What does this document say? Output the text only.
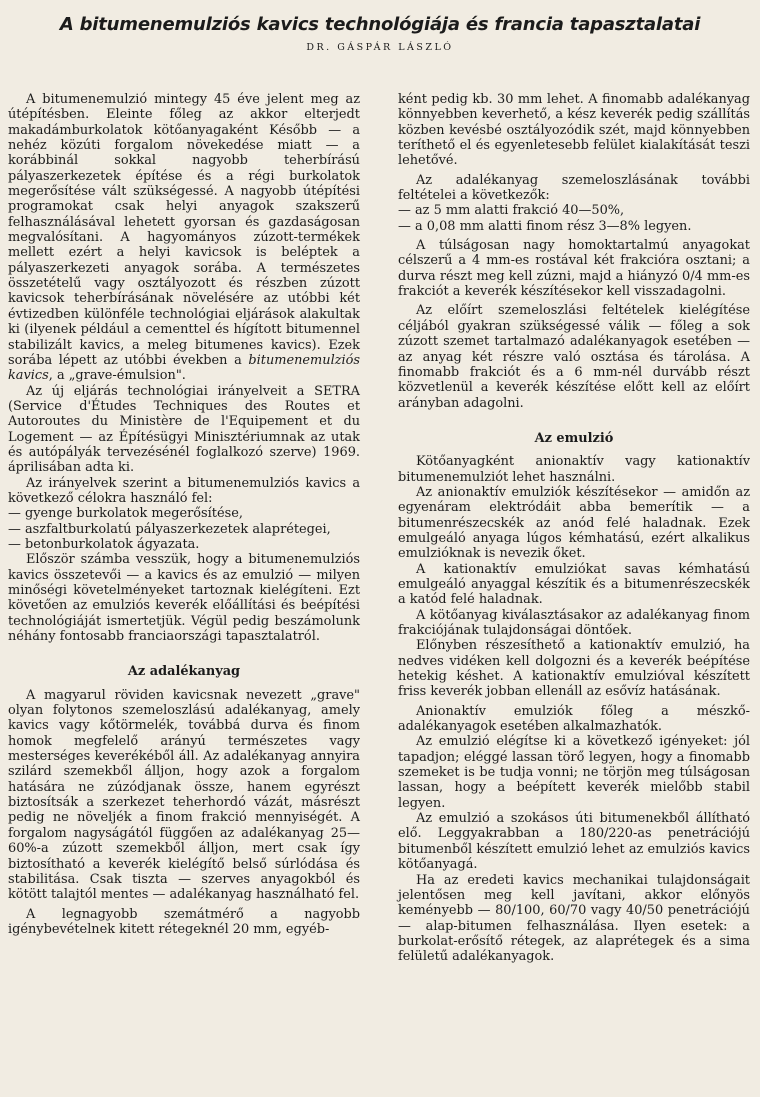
A bitumenemulziós kavics technológiája és francia tapasztalatai
DR. GÁSPÁR LÁSZLÓ

A bitumenemulzió mintegy 45 éve jelent meg az útépítésben. Eleinte főleg az akkor elterjedt makadámburkolatok kötőanyagaként Később — a nehéz közúti forgalom növekedése miatt — a korábbinál sokkal nagyobb teherbírású pályaszerkezetek építése és a régi burkolatok megerősítése vált szükségessé. A nagyobb útépítési programokat csak helyi anyagok szakszerű felhasználásával lehetett gyorsan és gazdaságosan megvalósítani. A hagyományos zúzott-termékek mellett ezért a helyi kavicsok is beléptek a pályaszerkezeti anyagok sorába. A természetes összetételű vagy osztályozott és részben zúzott kavicsok teherbírásának növelésére az utóbbi két évtizedben különféle technológiai eljárások alakultak ki (ilyenek például a cementtel és hígított bitumennel stabilizált kavics, a meleg bitumenes kavics). Ezek sorába lépett az utóbbi években a bitumenemulziós kavics, a „grave-émulsion".

Az új eljárás technológiai irányelveit a SETRA (Service d'Études Techniques des Routes et Autoroutes du Ministère de l'Equipement et du Logement — az Építésügyi Minisztériumnak az utak és autópályák tervezésénél foglalkozó szerve) 1969. áprilisában adta ki.

Az irányelvek szerint a bitumenemulziós kavics a következő célokra használó fel:

— gyenge burkolatok megerősítése,

— aszfaltburkolatú pályaszerkezetek alaprétegei,

— betonburkolatok ágyazata.

Először számba vesszük, hogy a bitumenemulziós kavics összetevői — a kavics és az emulzió — milyen minőségi követelményeket tartoznak kielégíteni. Ezt követően az emulziós keverék előállítási és beépítési technológiáját ismertetjük. Végül pedig beszámolunk néhány fontosabb franciaországi tapasztalatról.

Az adalékanyag

A magyarul röviden kavicsnak nevezett „grave" olyan folytonos szemeloszlású adalékanyag, amely kavics vagy kőtörmelék, továbbá durva és finom homok megfelelő arányú természetes vagy mesterséges keverékéből áll. Az adalékanyag annyira szilárd szemekből álljon, hogy azok a forgalom hatására ne zúzódjanak össze, hanem egyrészt biztosítsák a szerkezet teherhordó vázát, másrészt pedig ne növeljék a finom frakció mennyiségét. A forgalom nagyságától függően az adalékanyag 25—60%-a zúzott szemekből álljon, mert csak így biztosítható a keverék kielégítő belső súrlódása és stabilitása. Csak tiszta — szerves anyagokból és kötött talajtól mentes — adalékanyag használható fel.

A legnagyobb szemátmérő a nagyobb igénybevételnek kitett rétegeknél 20 mm, egyéb-

ként pedig kb. 30 mm lehet. A finomabb adalékanyag könnyebben keverhető, a kész keverék pedig szállítás közben kevésbé osztályozódik szét, majd könnyebben teríthető el és egyenletesebb felület kialakítását teszi lehetővé.

Az adalékanyag szemeloszlásának további feltételei a következők:

— az 5 mm alatti frakció 40—50%,

— a 0,08 mm alatti finom rész 3—8% legyen.

A túlságosan nagy homoktartalmú anyagokat célszerű a 4 mm-es rostával két frakcióra osztani; a durva részt meg kell zúzni, majd a hiányzó 0/4 mm-es frakciót a keverék készítésekor kell visszadagolni.

Az előírt szemeloszlási feltételek kielégítése céljából gyakran szükségessé válik — főleg a sok zúzott szemet tartalmazó adalékanyagok esetében — az anyag két részre való osztása és tárolása. A finomabb frakciót és a 6 mm-nél durvább részt közvetlenül a keverék készítése előtt kell az előírt arányban adagolni.

Az emulzió

Kötőanyagként anionaktív vagy kationaktív bitumenemulziót lehet használni.

Az anionaktív emulziók készítésekor — amidőn az egyenáram elektródáit abba bemerítik — a bitumenrészecskék az anód felé haladnak. Ezek emulgeáló anyaga lúgos kémhatású, ezért alkalikus emulzióknak is nevezik őket.

A kationaktív emulziókat savas kémhatású emulgeáló anyaggal készítik és a bitumenrészecskék a katód felé haladnak.

A kötőanyag kiválasztásakor az adalékanyag finom frakciójának tulajdonságai döntőek.

Előnyben részesíthető a kationaktív emulzió, ha nedves vidéken kell dolgozni és a keverék beépítése hetekig késhet. A kationaktív emulzióval készített friss keverék jobban ellenáll az esővíz hatásának.

Anionaktív emulziók főleg a mészkő-adalékanyagok esetében alkalmazhatók.

Az emulzió elégítse ki a következő igényeket: jól tapadjon; eléggé lassan törő legyen, hogy a finomabb szemeket is be tudja vonni; ne törjön meg túlságosan lassan, hogy a beépített keverék mielőbb stabil legyen.

Az emulzió a szokásos úti bitumenekből állítható elő. Leggyakrabban a 180/220-as penetrációjú bitumenből készített emulzió lehet az emulziós kavics kötőanyagá.

Ha az eredeti kavics mechanikai tulajdonságait jelentősen meg kell javítani, akkor előnyös keményebb — 80/100, 60/70 vagy 40/50 penetrációjú — alap-bitumen felhasználása. Ilyen esetek: a burkolat-erősítő rétegek, az alaprétegek és a sima felületű adalékanyagok.
